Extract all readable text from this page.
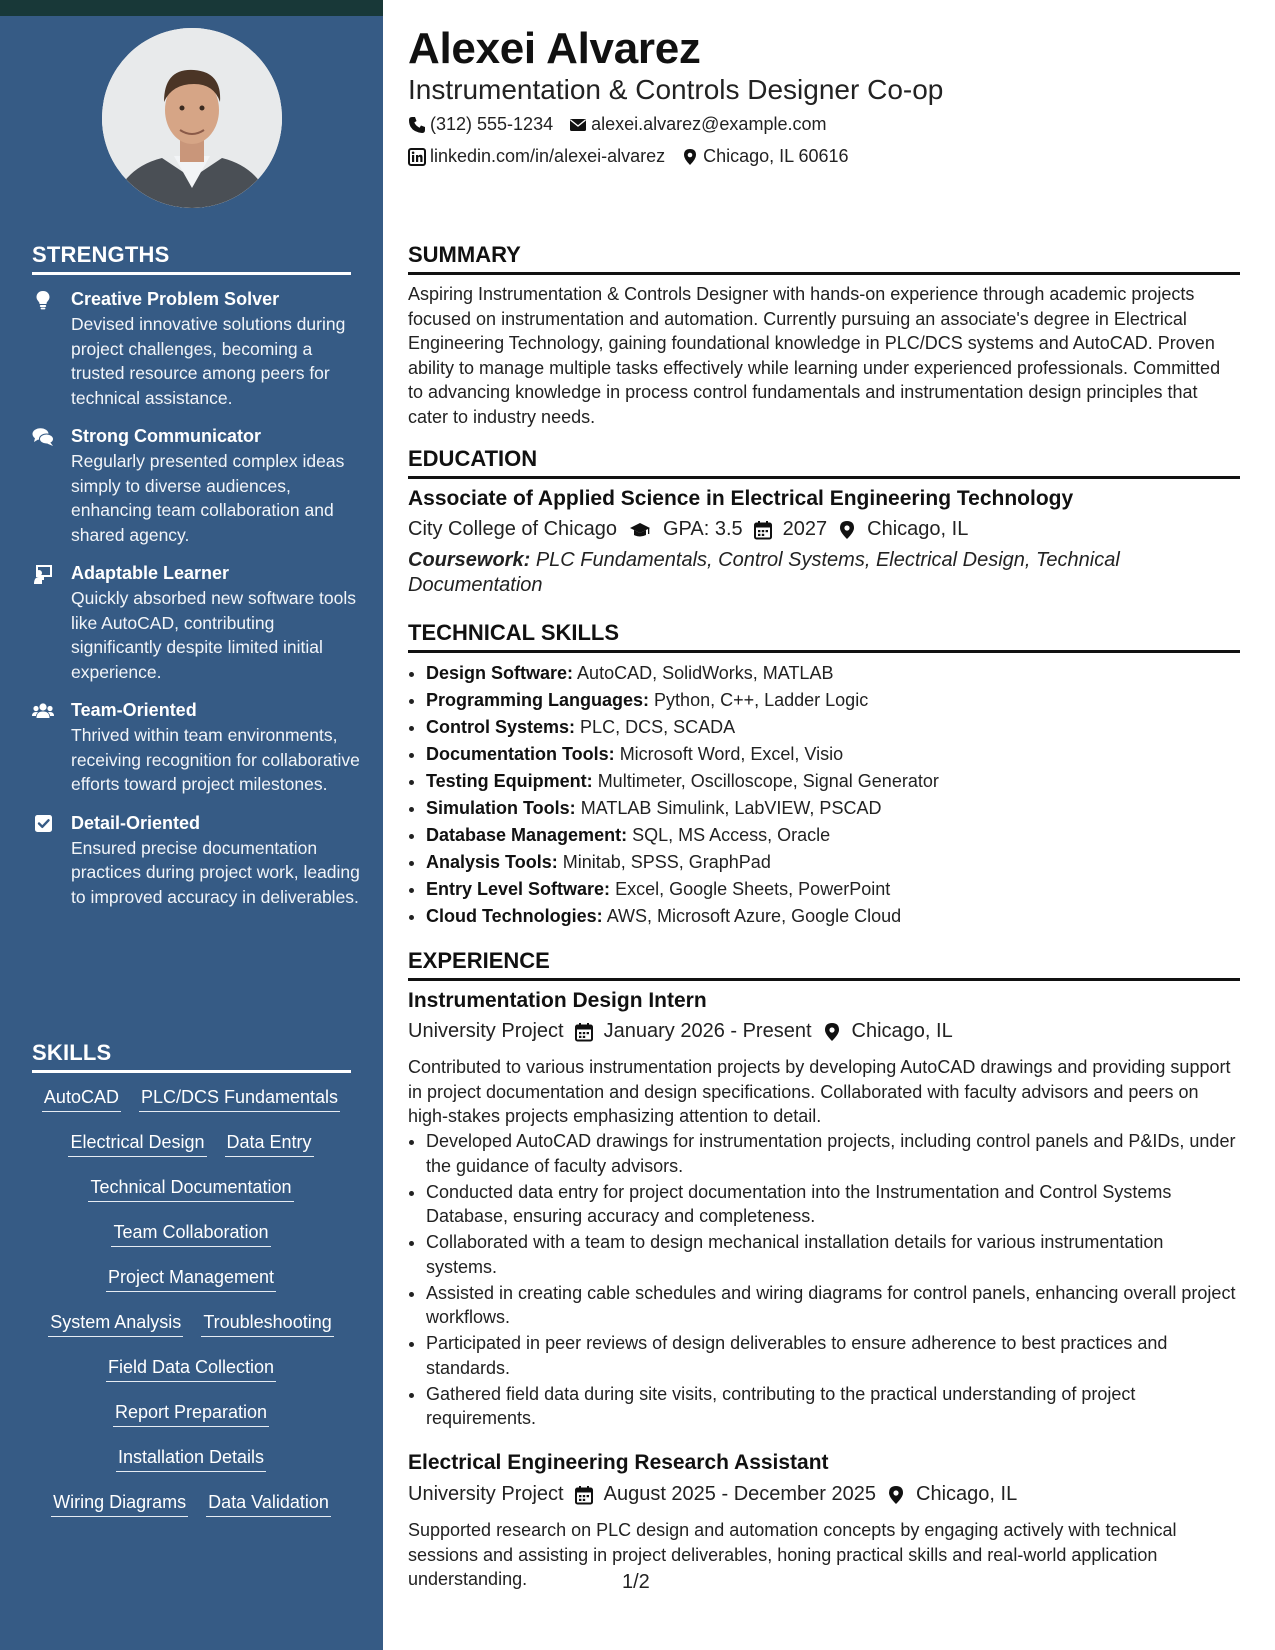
STRENGTHS
Creative Problem Solver
Devised innovative solutions during project challenges, becoming a trusted resource among peers for technical assistance.
Strong Communicator
Regularly presented complex ideas simply to diverse audiences, enhancing team collaboration and shared agency.
Adaptable Learner
Quickly absorbed new software tools like AutoCAD, contributing significantly despite limited initial experience.
Team-Oriented
Thrived within team environments, receiving recognition for collaborative efforts toward project milestones.
Detail-Oriented
Ensured precise documentation practices during project work, leading to improved accuracy in deliverables.
SKILLS
AutoCAD PLC/DCS Fundamentals
Electrical Design Data Entry
Technical Documentation
Team Collaboration
Project Management
System Analysis Troubleshooting
Field Data Collection
Report Preparation
Installation Details
Wiring Diagrams Data Validation
Alexei Alvarez
Instrumentation & Controls Designer Co-op
(312) 555-1234 alexei.alvarez@example.com
linkedin.com/in/alexei-alvarez Chicago, IL 60616
SUMMARY
Aspiring Instrumentation & Controls Designer with hands-on experience through academic projects focused on instrumentation and automation. Currently pursuing an associate's degree in Electrical Engineering Technology, gaining foundational knowledge in PLC/DCS systems and AutoCAD. Proven ability to manage multiple tasks effectively while learning under experienced professionals. Committed to advancing knowledge in process control fundamentals and instrumentation design principles that cater to industry needs.
EDUCATION
Associate of Applied Science in Electrical Engineering Technology
City College of Chicago GPA: 3.5 2027 Chicago, IL
Coursework: PLC Fundamentals, Control Systems, Electrical Design, Technical Documentation
TECHNICAL SKILLS
• Design Software: AutoCAD, SolidWorks, MATLAB
• Programming Languages: Python, C++, Ladder Logic
• Control Systems: PLC, DCS, SCADA
• Documentation Tools: Microsoft Word, Excel, Visio
• Testing Equipment: Multimeter, Oscilloscope, Signal Generator
• Simulation Tools: MATLAB Simulink, LabVIEW, PSCAD
• Database Management: SQL, MS Access, Oracle
• Analysis Tools: Minitab, SPSS, GraphPad
• Entry Level Software: Excel, Google Sheets, PowerPoint
• Cloud Technologies: AWS, Microsoft Azure, Google Cloud
EXPERIENCE
Instrumentation Design Intern
University Project January 2026 - Present Chicago, IL
Contributed to various instrumentation projects by developing AutoCAD drawings and providing support in project documentation and design specifications. Collaborated with faculty advisors and peers on high-stakes projects emphasizing attention to detail.
• Developed AutoCAD drawings for instrumentation projects, including control panels and P&IDs, under the guidance of faculty advisors.
• Conducted data entry for project documentation into the Instrumentation and Control Systems Database, ensuring accuracy and completeness.
• Collaborated with a team to design mechanical installation details for various instrumentation systems.
• Assisted in creating cable schedules and wiring diagrams for control panels, enhancing overall project workflows.
• Participated in peer reviews of design deliverables to ensure adherence to best practices and standards.
• Gathered field data during site visits, contributing to the practical understanding of project requirements.
Electrical Engineering Research Assistant
University Project August 2025 - December 2025 Chicago, IL
Supported research on PLC design and automation concepts by engaging actively with technical sessions and assisting in project deliverables, honing practical skills and real-world application understanding.	1/2
